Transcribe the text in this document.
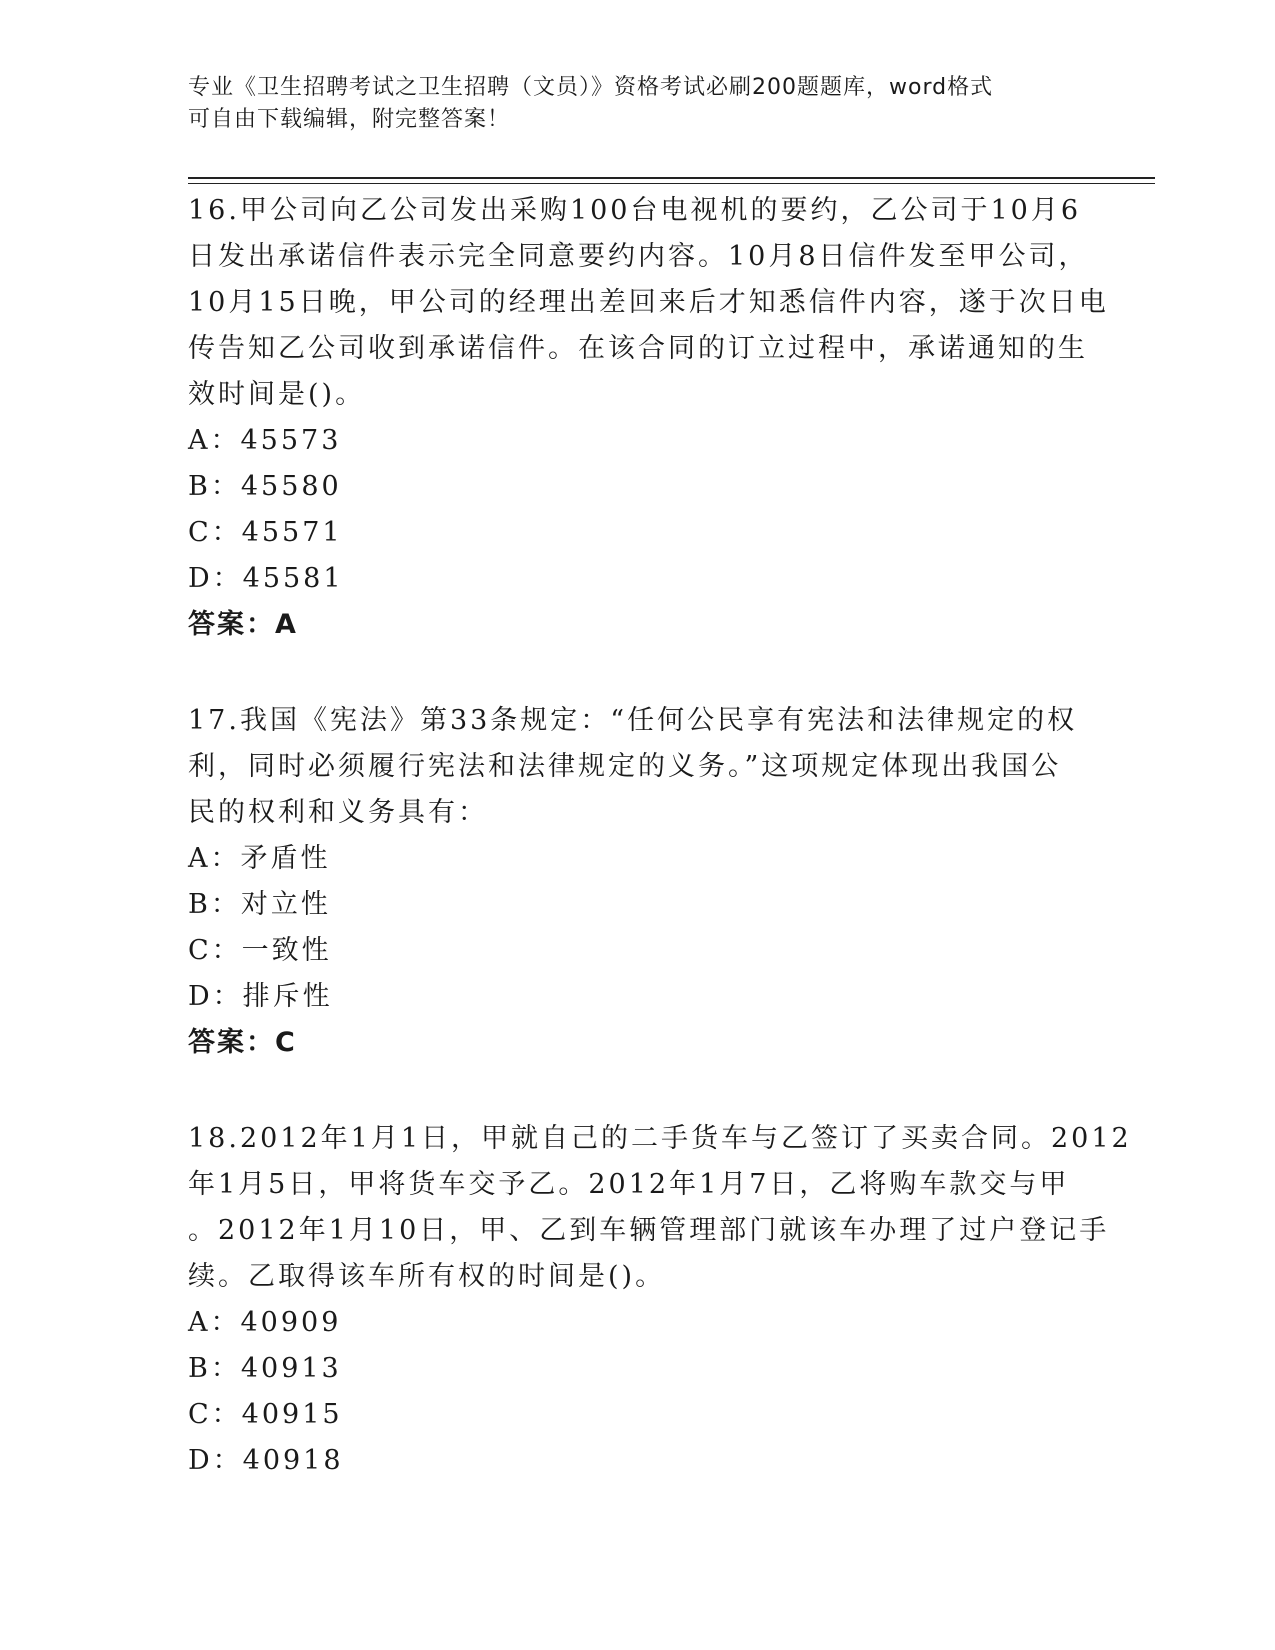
专业《卫生招聘考试之卫生招聘（文员）》资格考试必刷200题题库，word格式
可自由下载编辑，附完整答案！
16.甲公司向乙公司发出采购100台电视机的要约，乙公司于10月6
日发出承诺信件表示完全同意要约内容。10月8日信件发至甲公司，
10月15日晚，甲公司的经理出差回来后才知悉信件内容，遂于次日电
传告知乙公司收到承诺信件。在该合同的订立过程中，承诺通知的生
效时间是()。
A：45573
B：45580
C：45571
D：45581
答案：A
17.我国《宪法》第33条规定：“任何公民享有宪法和法律规定的权
利，同时必须履行宪法和法律规定的义务。”这项规定体现出我国公
民的权利和义务具有：
A：矛盾性
B：对立性
C：一致性
D：排斥性
答案：C
18.2012年1月1日，甲就自己的二手货车与乙签订了买卖合同。2012
年1月5日，甲将货车交予乙。2012年1月7日，乙将购车款交与甲
。2012年1月10日，甲、乙到车辆管理部门就该车办理了过户登记手
续。乙取得该车所有权的时间是()。
A：40909
B：40913
C：40915
D：40918
